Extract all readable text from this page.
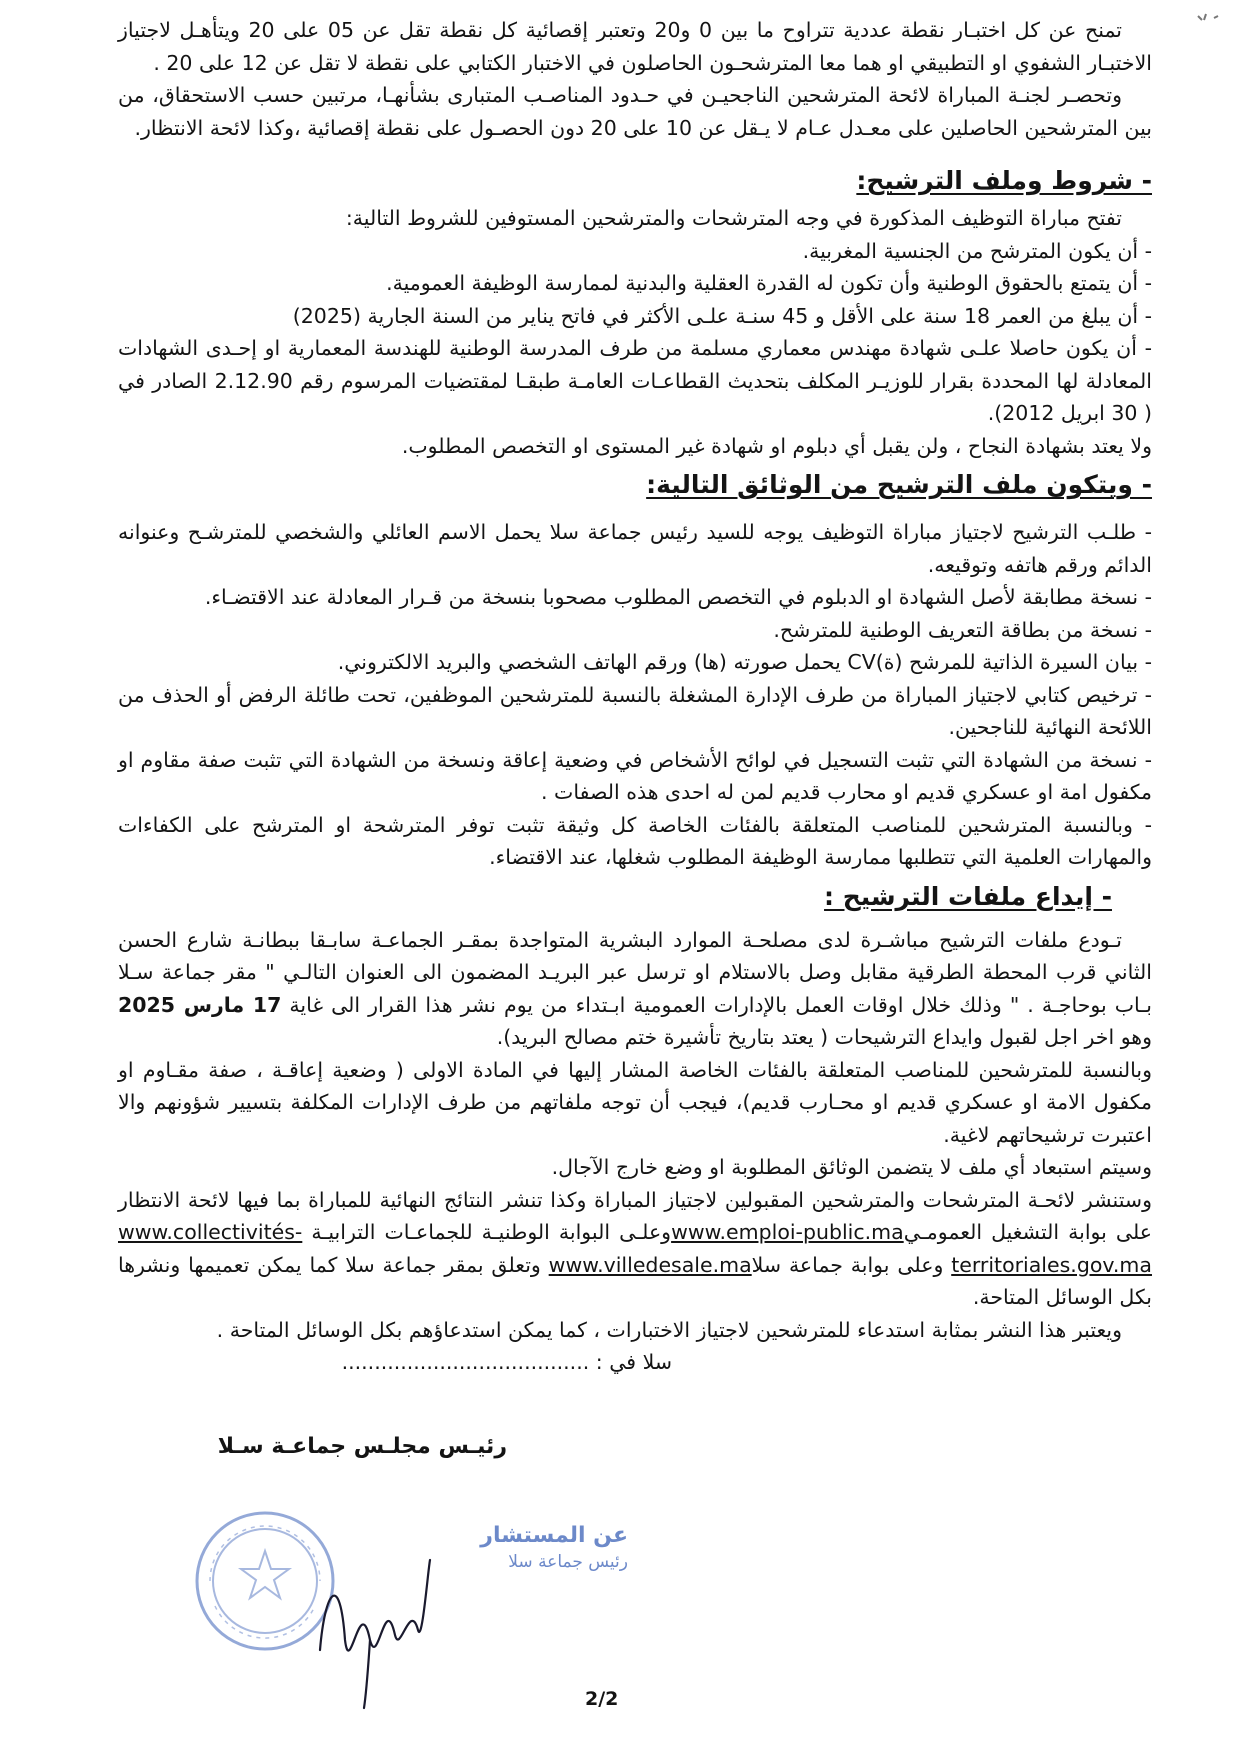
تمنح عن كل اختبـار نقطة عددية تتراوح ما بين 0 و20 وتعتبر إقصائية كل نقطة تقل عن 05 على 20 ويتأهـل لاجتياز الاختبـار الشفوي او التطبيقي او هما معا المترشحـون الحاصلون في الاختبار الكتابي على نقطة لا تقل عن 12 على 20 .

وتحصـر لجنـة المباراة لائحة المترشحين الناجحيـن في حـدود المناصـب المتبارى بشأنهـا، مرتبين حسب الاستحقاق، من بين المترشحين الحاصلين على معـدل عـام لا يـقل عن 10 على 20 دون الحصـول على نقطة إقصائية ،وكذا لائحة الانتظار.

- شروط وملف الترشيح:

تفتح مباراة التوظيف المذكورة في وجه المترشحات والمترشحين المستوفين للشروط التالية:

- أن يكون المترشح من الجنسية المغربية.

- أن يتمتع بالحقوق الوطنية وأن تكون له القدرة العقلية والبدنية لممارسة الوظيفة العمومية.

- أن يبلغ من العمر 18 سنة على الأقل و 45 سنـة علـى الأكثر في فاتح يناير من السنة الجارية (2025)

- أن يكون حاصلا علـى شهادة مهندس معماري مسلمة من طرف المدرسة الوطنية للهندسة المعمارية او إحـدى الشهادات المعادلة لها المحددة بقرار للوزيـر المكلف بتحديث القطاعـات العامـة طبقـا لمقتضيات المرسوم رقم 2.12.90 الصادر في ( 30 ابريل 2012).

ولا يعتد بشهادة النجاح ، ولن يقبل أي دبلوم او شهادة غير المستوى او التخصص المطلوب.

- ويتكون ملف الترشيح من الوثائق التالية:

- طلـب الترشيح لاجتياز مباراة التوظيف يوجه للسيد رئيس جماعة سلا يحمل الاسم العائلي والشخصي للمترشـح وعنوانه الدائم ورقم هاتفه وتوقيعه.

- نسخة مطابقة لأصل الشهادة او الدبلوم في التخصص المطلوب مصحوبا بنسخة من قـرار المعادلة عند الاقتضـاء.

- نسخة من بطاقة التعريف الوطنية للمترشح.

- بيان السيرة الذاتية للمرشح (ة)CV يحمل صورته (ها) ورقم الهاتف الشخصي والبريد الالكتروني.

- ترخيص كتابي لاجتياز المباراة من طرف الإدارة المشغلة بالنسبة للمترشحين الموظفين، تحت طائلة الرفض أو الحذف من اللائحة النهائية للناجحين.

- نسخة من الشهادة التي تثبت التسجيل في لوائح الأشخاص في وضعية إعاقة ونسخة من الشهادة التي تثبت صفة مقاوم او مكفول امة او عسكري قديم او محارب قديم لمن له احدى هذه الصفات .

- وبالنسبة المترشحين للمناصب المتعلقة بالفئات الخاصة كل وثيقة تثبت توفر المترشحة او المترشح على الكفاءات والمهارات العلمية التي تتطلبها ممارسة الوظيفة المطلوب شغلها، عند الاقتضاء.

- إيداع ملفات الترشيح :

تـودع ملفات الترشيح مباشـرة لدى مصلحـة الموارد البشرية المتواجدة بمقـر الجماعـة سابـقا ببطانـة شارع الحسن الثاني قرب المحطة الطرقية مقابل وصل بالاستلام او ترسل عبر البريـد المضمون الى العنوان التالـي " مقر جماعة سـلا بـاب بوحاجـة . " وذلك خلال اوقات العمل بالإدارات العمومية ابـتداء من يوم نشر هذا القرار الى غاية 17 مارس 2025 وهو اخر اجل لقبول وايداع الترشيحات ( يعتد بتاريخ تأشيرة ختم مصالح البريد).

وبالنسبة للمترشحين للمناصب المتعلقة بالفئات الخاصة المشار إليها في المادة الاولى ( وضعية إعاقـة ، صفة مقـاوم او مكفول الامة او عسكري قديم او محـارب قديم)، فيجب أن توجه ملفاتهم من طرف الإدارات المكلفة بتسيير شؤونهم والا اعتبرت ترشيحاتهم لاغية.

وسيتم استبعاد أي ملف لا يتضمن الوثائق المطلوبة او وضع خارج الآجال.

وستنشر لائحـة المترشحات والمترشحين المقبولين لاجتياز المباراة وكذا تنشر النتائج النهائية للمباراة بما فيها لائحة الانتظار على بوابة التشغيل العمومـيwww.emploi-public.maوعلـى البوابة الوطنيـة للجماعـات الترابيـة www.collectivités-territoriales.gov.ma وعلى بوابة جماعة سلاwww.villedesale.ma وتعلق بمقر جماعة سلا كما يمكن تعميمها ونشرها بكل الوسائل المتاحة.

ويعتبر هذا النشر بمثابة استدعاء للمترشحين لاجتياز الاختبارات ، كما يمكن استدعاؤهم بكل الوسائل المتاحة .

سلا في : ......................................

رئيـس مجلـس جماعـة سـلا

عن المستشار
رئيس جماعة سلا
2/2
